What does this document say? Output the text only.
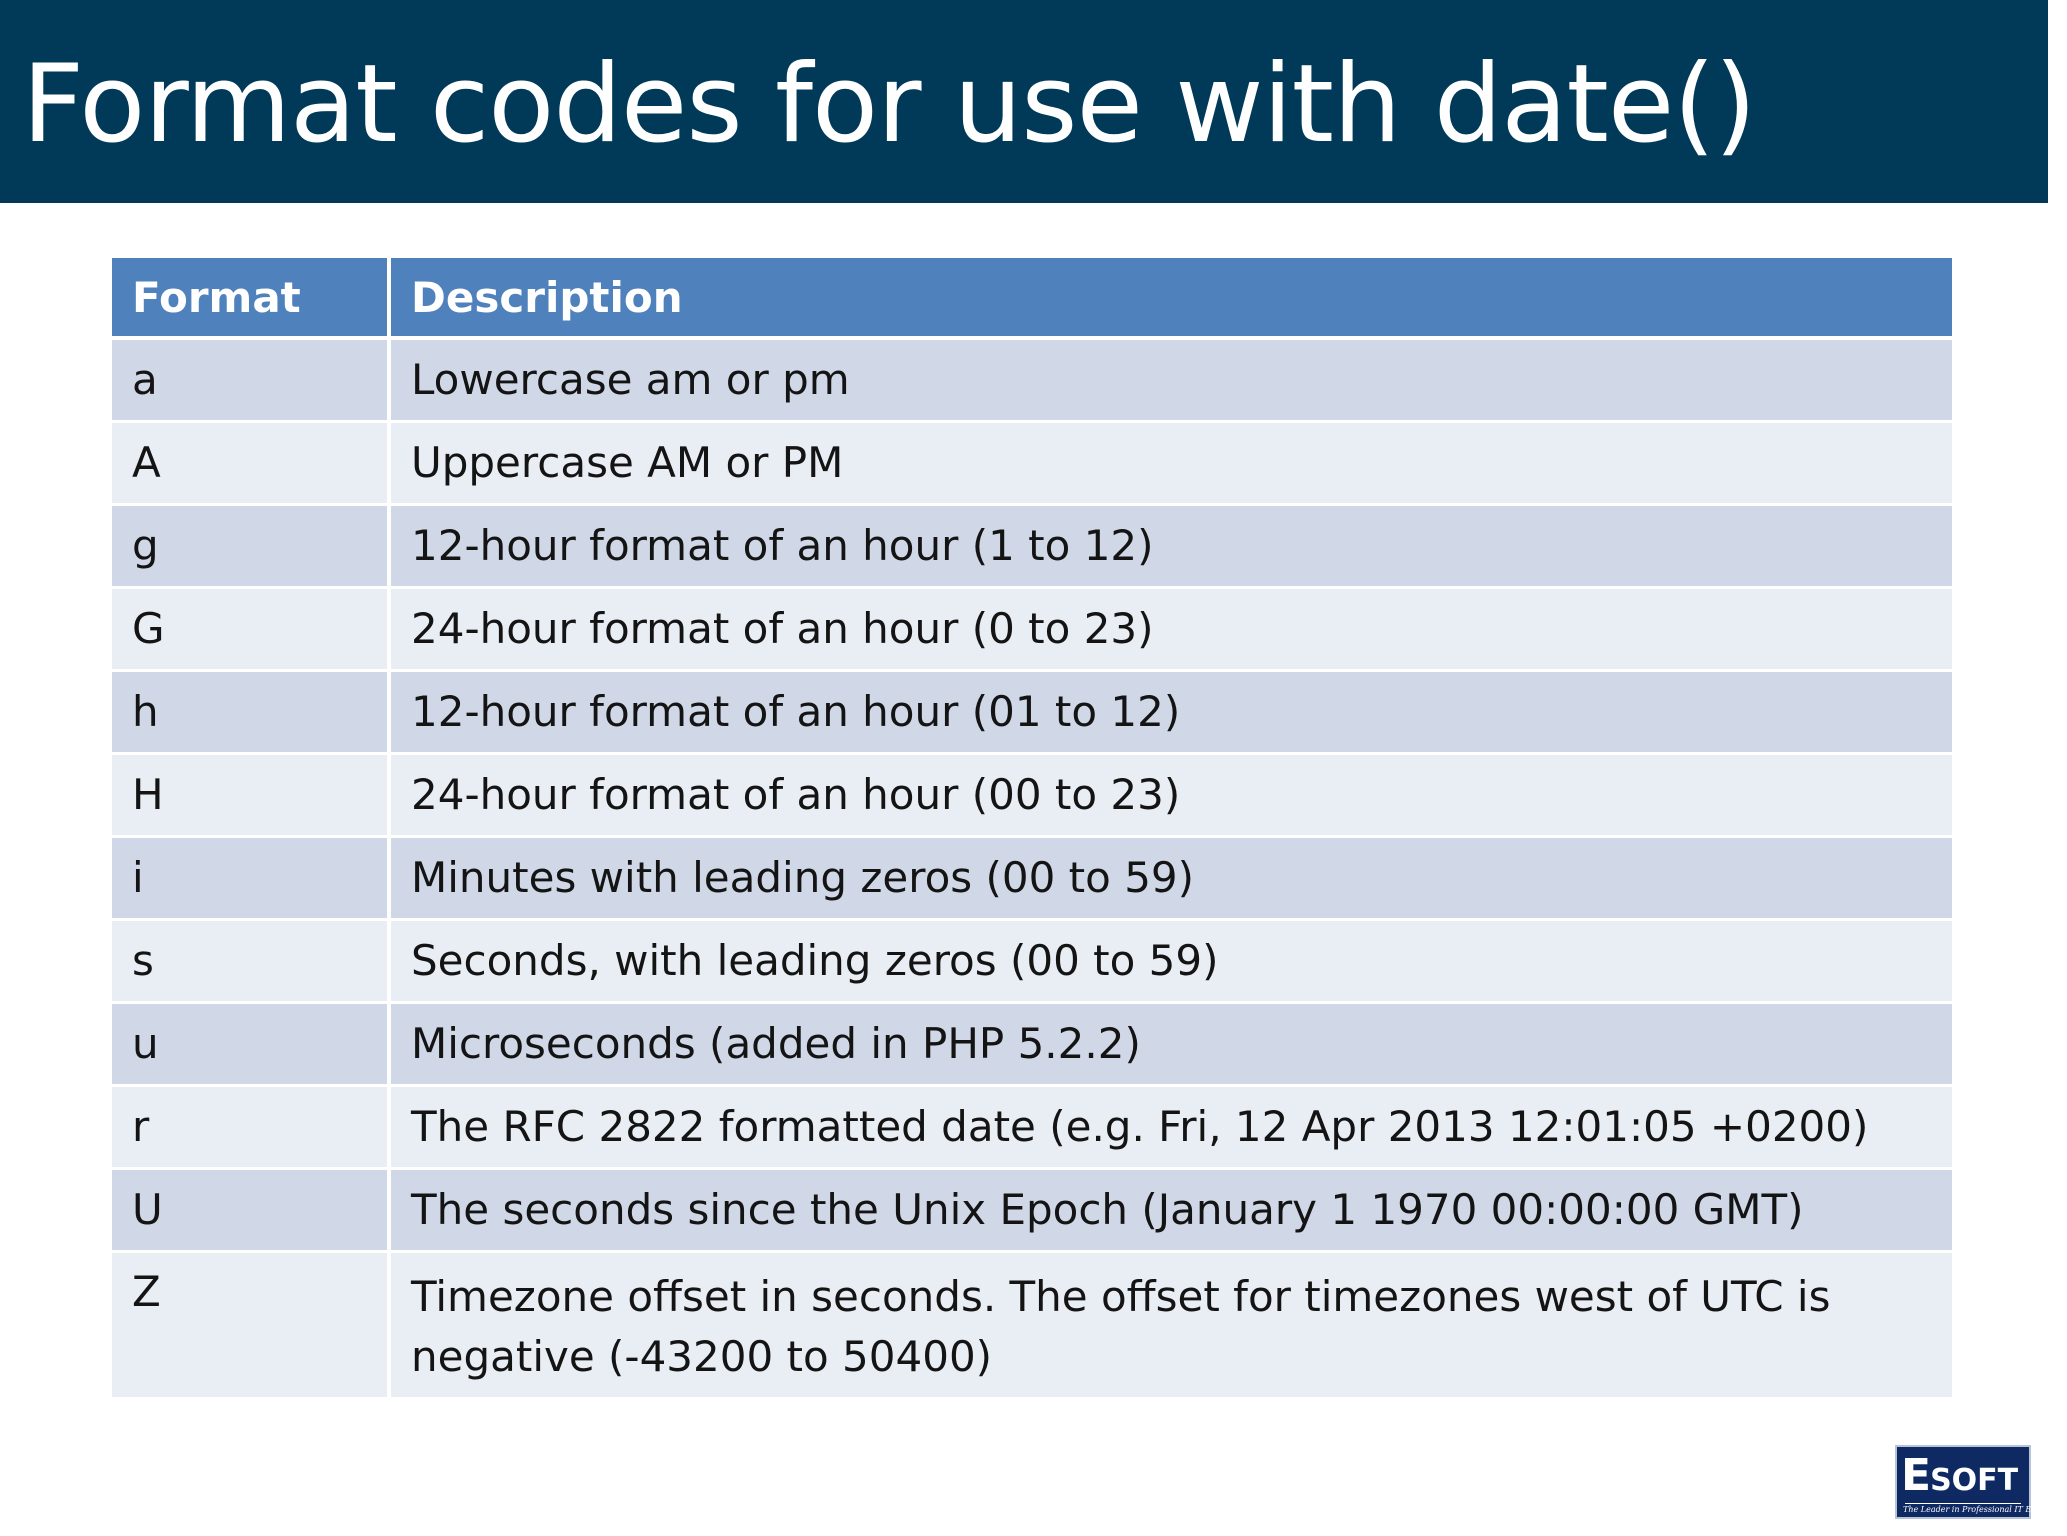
Format codes for use with date()
Format	Description
a	Lowercase am or pm
A	Uppercase AM or PM
g	12-hour format of an hour (1 to 12)
G	24-hour format of an hour (0 to 23)
h	12-hour format of an hour (01 to 12)
H	24-hour format of an hour (00 to 23)
i	Minutes with leading zeros (00 to 59)
s	Seconds, with leading zeros (00 to 59)
u	Microseconds (added in PHP 5.2.2)
r	The RFC 2822 formatted date (e.g. Fri, 12 Apr 2013 12:01:05 +0200)
U	The seconds since the Unix Epoch (January 1 1970 00:00:00 GMT)
Z	Timezone offset in seconds. The offset for timezones west of UTC is negative (-43200 to 50400)
ESOFT
The Leader in Professional IT Education
